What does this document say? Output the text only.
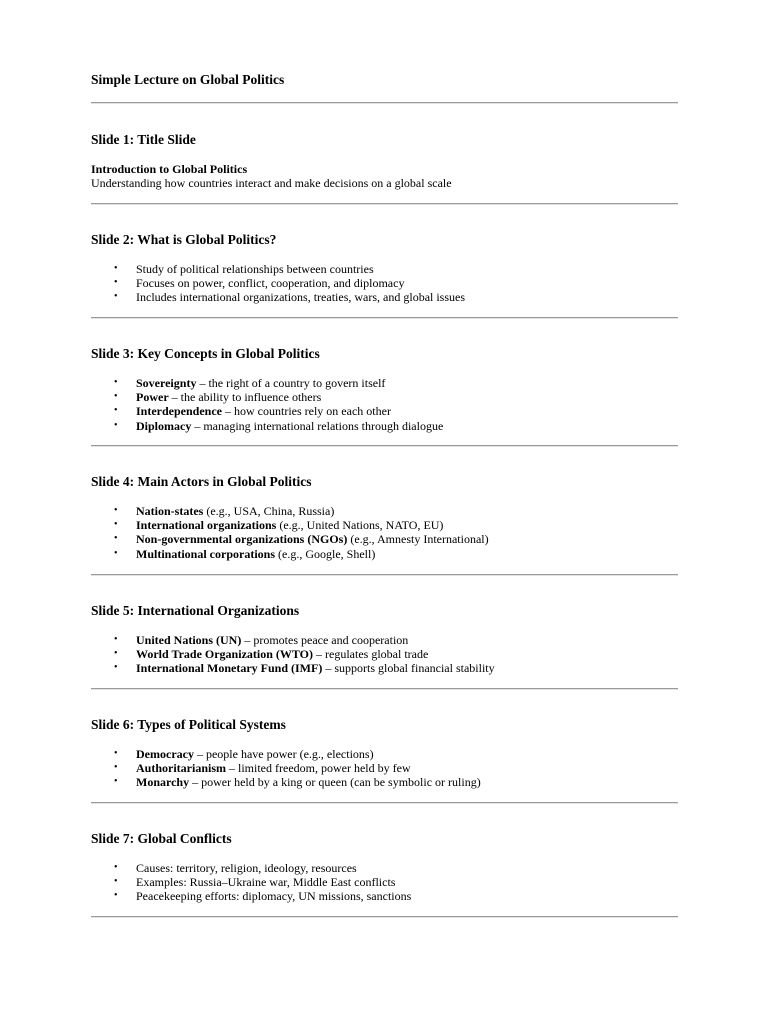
Simple Lecture on Global Politics
Slide 1: Title Slide
Introduction to Global Politics
Understanding how countries interact and make decisions on a global scale
Slide 2: What is Global Politics?
• Study of political relationships between countries
• Focuses on power, conflict, cooperation, and diplomacy
• Includes international organizations, treaties, wars, and global issues
Slide 3: Key Concepts in Global Politics
• Sovereignty – the right of a country to govern itself
• Power – the ability to influence others
• Interdependence – how countries rely on each other
• Diplomacy – managing international relations through dialogue
Slide 4: Main Actors in Global Politics
• Nation-states (e.g., USA, China, Russia)
• International organizations (e.g., United Nations, NATO, EU)
• Non-governmental organizations (NGOs) (e.g., Amnesty International)
• Multinational corporations (e.g., Google, Shell)
Slide 5: International Organizations
• United Nations (UN) – promotes peace and cooperation
• World Trade Organization (WTO) – regulates global trade
• International Monetary Fund (IMF) – supports global financial stability
Slide 6: Types of Political Systems
• Democracy – people have power (e.g., elections)
• Authoritarianism – limited freedom, power held by few
• Monarchy – power held by a king or queen (can be symbolic or ruling)
Slide 7: Global Conflicts
• Causes: territory, religion, ideology, resources
• Examples: Russia–Ukraine war, Middle East conflicts
• Peacekeeping efforts: diplomacy, UN missions, sanctions
